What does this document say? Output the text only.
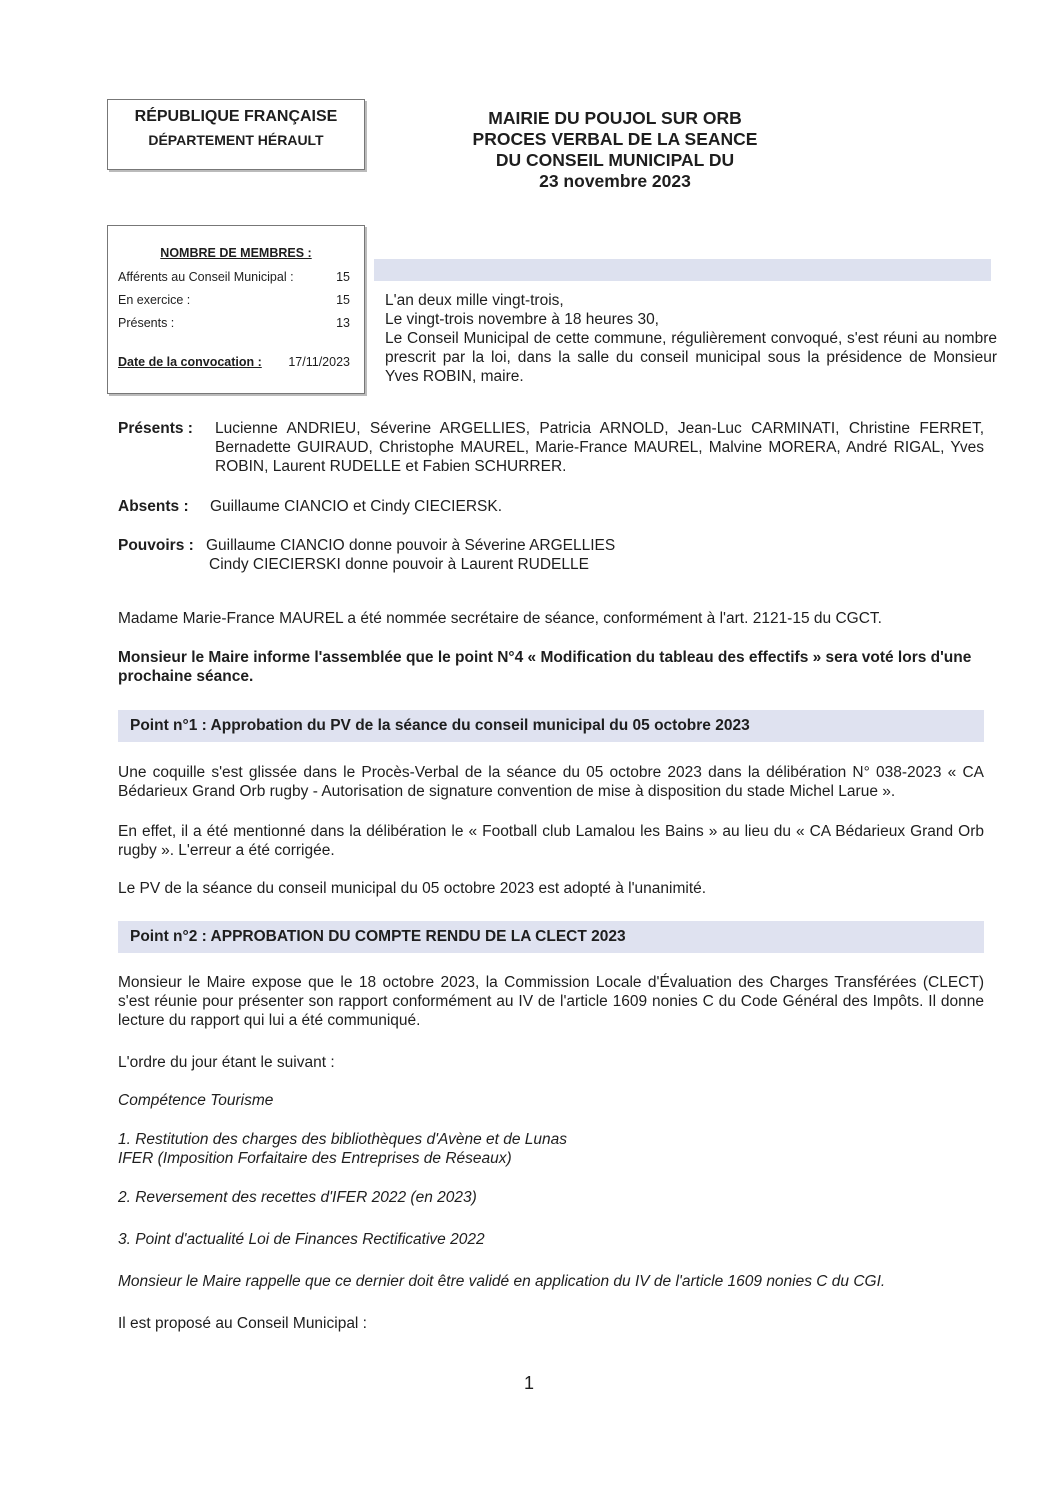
RÉPUBLIQUE FRANÇAISE
DÉPARTEMENT HÉRAULT
MAIRIE DU POUJOL SUR ORB
PROCES VERBAL DE LA SEANCE
DU CONSEIL MUNICIPAL DU
23 novembre 2023
NOMBRE DE MEMBRES :
Afférents au Conseil Municipal :	15
En exercice :	15
Présents :	13
Date de la convocation : 17/11/2023

L'an deux mille vingt-trois,

Le vingt-trois novembre à 18 heures 30,

Le Conseil Municipal de cette commune, régulièrement convoqué, s'est réuni au nombre prescrit par la loi, dans la salle du conseil municipal sous la présidence de Monsieur Yves ROBIN, maire.

Présents :	Lucienne ANDRIEU, Séverine ARGELLIES, Patricia ARNOLD, Jean-Luc CARMINATI, Christine FERRET, Bernadette GUIRAUD, Christophe MAUREL, Marie-France MAUREL, Malvine MORERA, André RIGAL, Yves ROBIN, Laurent RUDELLE et Fabien SCHURRER.
Absents :	Guillaume CIANCIO et Cindy CIECIERSK.
Pouvoirs : Guillaume CIANCIO donne pouvoir à Séverine ARGELLIES
Cindy CIECIERSKI donne pouvoir à Laurent RUDELLE
Madame Marie-France MAUREL a été nommée secrétaire de séance, conformément à l'art. 2121-15 du CGCT.
Monsieur le Maire informe l'assemblée que le point N°4 « Modification du tableau des effectifs » sera voté lors d'une prochaine séance.
Point n°1 : Approbation du PV de la séance du conseil municipal du 05 octobre 2023
Une coquille s'est glissée dans le Procès-Verbal de la séance du 05 octobre 2023 dans la délibération N° 038-2023 « CA Bédarieux Grand Orb rugby - Autorisation de signature convention de mise à disposition du stade Michel Larue ».
En effet, il a été mentionné dans la délibération le « Football club Lamalou les Bains » au lieu du « CA Bédarieux Grand Orb rugby ». L'erreur a été corrigée.
Le PV de la séance du conseil municipal du 05 octobre 2023 est adopté à l'unanimité.
Point n°2 : APPROBATION DU COMPTE RENDU DE LA CLECT 2023
Monsieur le Maire expose que le 18 octobre 2023, la Commission Locale d'Évaluation des Charges Transférées (CLECT) s'est réunie pour présenter son rapport conformément au IV de l'article 1609 nonies C du Code Général des Impôts. Il donne lecture du rapport qui lui a été communiqué.
L'ordre du jour étant le suivant :
Compétence Tourisme
1. Restitution des charges des bibliothèques d'Avène et de Lunas
IFER (Imposition Forfaitaire des Entreprises de Réseaux)
2. Reversement des recettes d'IFER 2022 (en 2023)
3. Point d'actualité Loi de Finances Rectificative 2022
Monsieur le Maire rappelle que ce dernier doit être validé en application du IV de l'article 1609 nonies C du CGI.
Il est proposé au Conseil Municipal :
1
